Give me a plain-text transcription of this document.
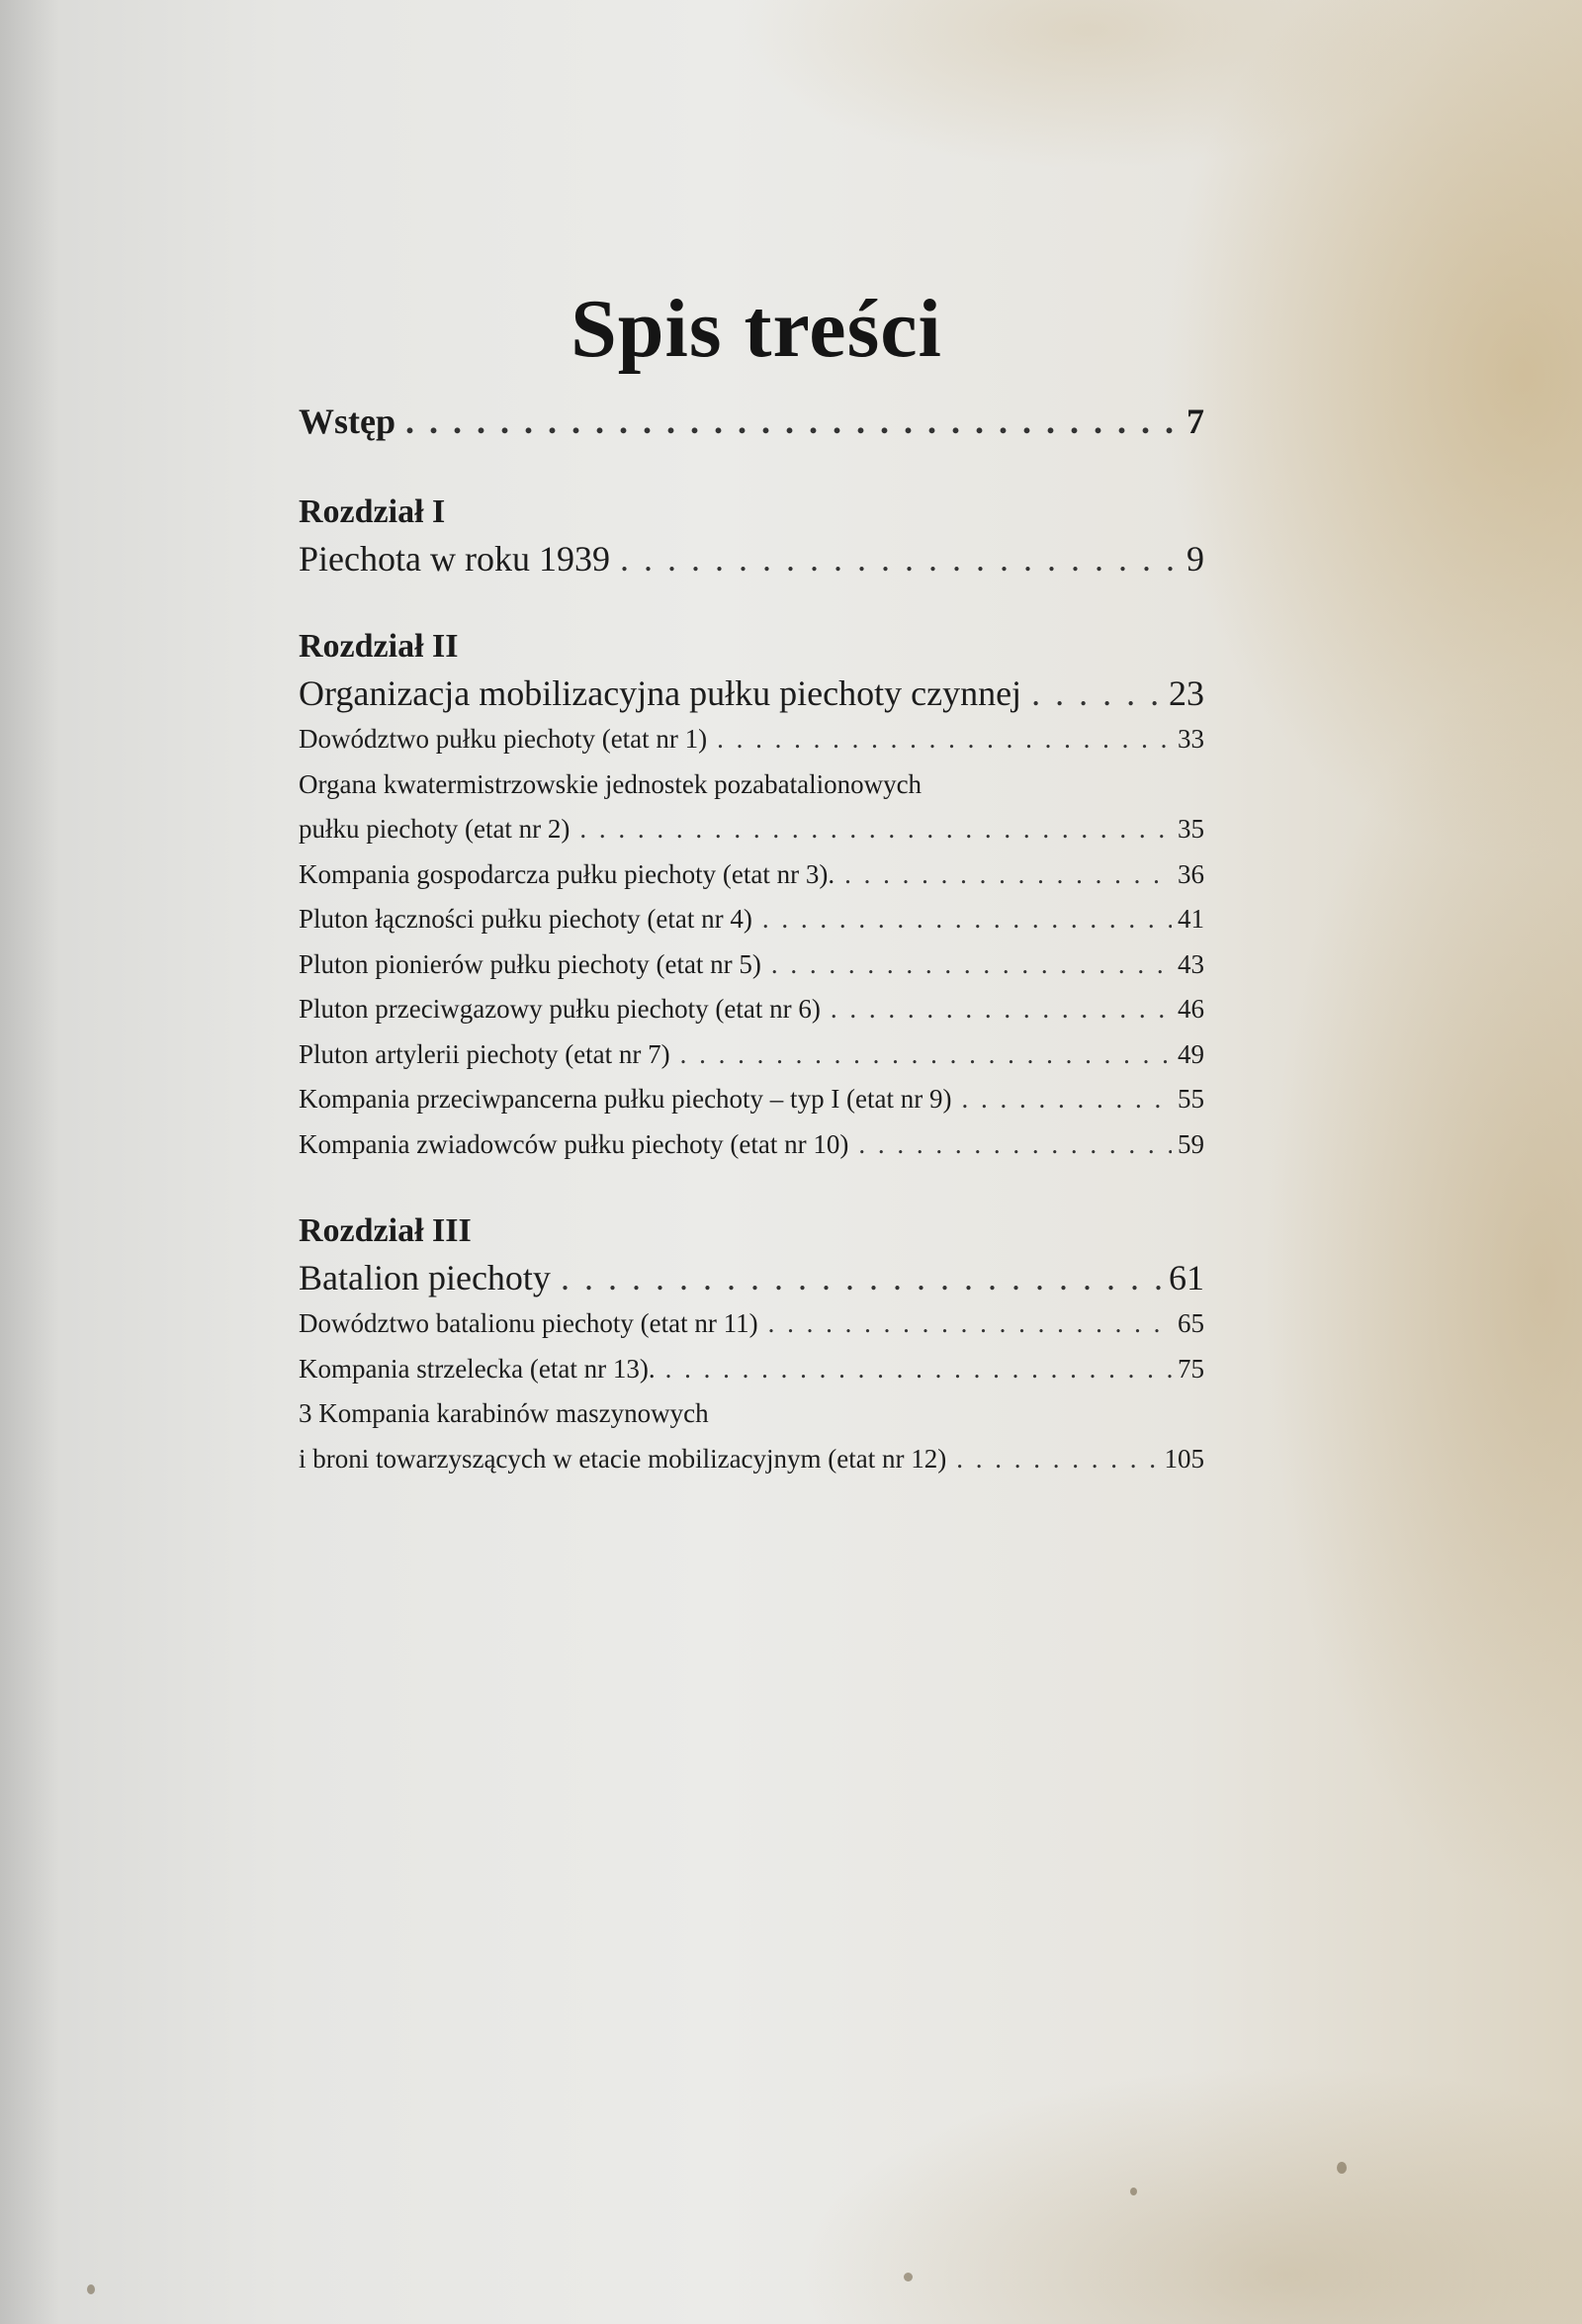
Spis treści
Wstęp . . .	7
Rozdział I
Piechota w roku 1939 . . .	9
Rozdział II
Organizacja mobilizacyjna pułku piechoty czynnej . . .	23
Dowództwo pułku piechoty (etat nr 1) . . .	33
Organa kwatermistrzowskie jednostek pozabatalionowych
pułku piechoty (etat nr 2) . . .	35
Kompania gospodarcza pułku piechoty (etat nr 3). . . .	36
Pluton łączności pułku piechoty (etat nr 4) . . .	41
Pluton pionierów pułku piechoty (etat nr 5) . . .	43
Pluton przeciwgazowy pułku piechoty (etat nr 6) . . .	46
Pluton artylerii piechoty (etat nr 7) . . .	49
Kompania przeciwpancerna pułku piechoty – typ I (etat nr 9) . . .	55
Kompania zwiadowców pułku piechoty (etat nr 10) . . .	59
Rozdział III
Batalion piechoty . . .	61
Dowództwo batalionu piechoty (etat nr 11) . . .	65
Kompania strzelecka (etat nr 13). . . .	75
3 Kompania karabinów maszynowych
i broni towarzyszących w etacie mobilizacyjnym (etat nr 12) . . .	105
